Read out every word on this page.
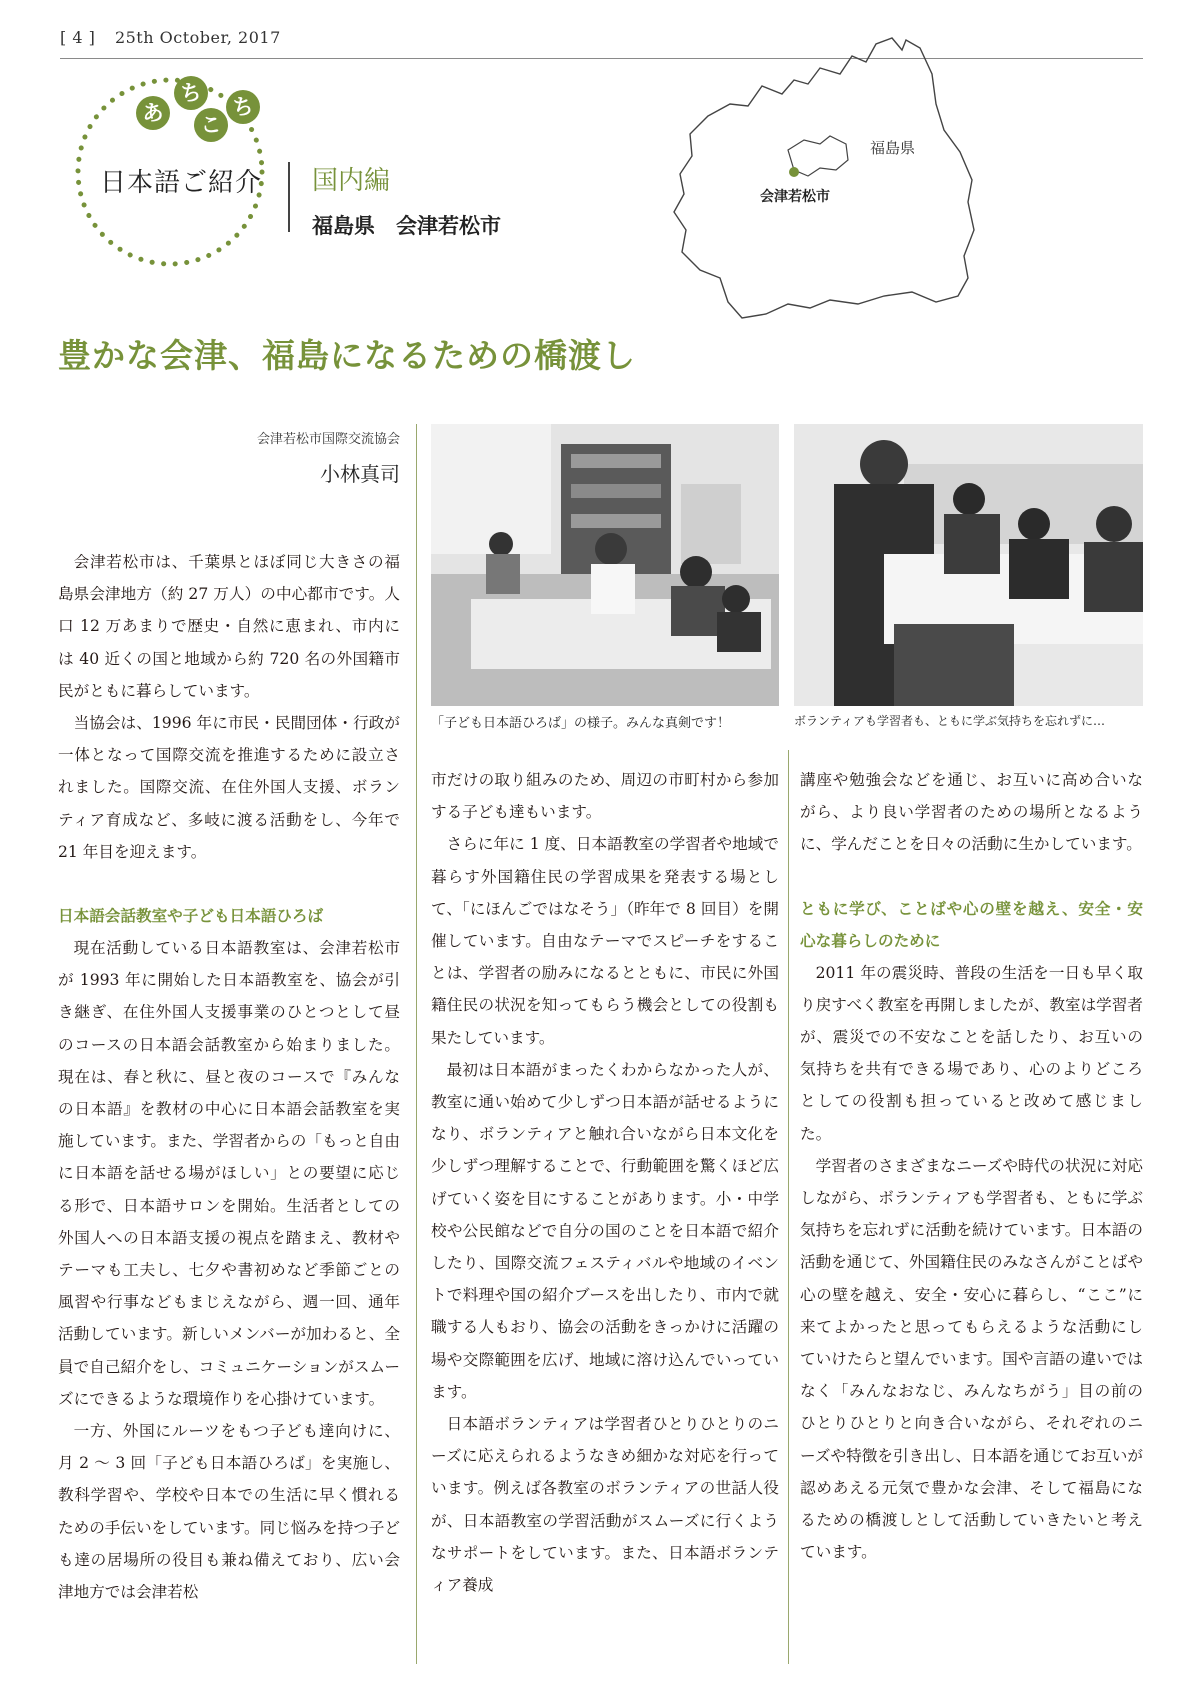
[ 4 ] 25th October, 2017
あ
ち
こ
ち
日本語ご紹介 国内編
福島県　会津若松市
福島県
会津若松市
豊かな会津、福島になるための橋渡し
会津若松市国際交流協会
小林真司
「子ども日本語ひろば」の様子。みんな真剣です！	ボランティアも学習者も、ともに学ぶ気持ちを忘れずに…

会津若松市は、千葉県とほぼ同じ大きさの福島県会津地方（約 27 万人）の中心都市です。人口 12 万あまりで歴史・自然に恵まれ、市内には 40 近くの国と地域から約 720 名の外国籍市民がともに暮らしています。

当協会は、1996 年に市民・民間団体・行政が一体となって国際交流を推進するために設立されました。国際交流、在住外国人支援、ボランティア育成など、多岐に渡る活動をし、今年で 21 年目を迎えます。

日本語会話教室や子ども日本語ひろば

現在活動している日本語教室は、会津若松市が 1993 年に開始した日本語教室を、協会が引き継ぎ、在住外国人支援事業のひとつとして昼のコースの日本語会話教室から始まりました。現在は、春と秋に、昼と夜のコースで『みんなの日本語』を教材の中心に日本語会話教室を実施しています。また、学習者からの「もっと自由に日本語を話せる場がほしい」との要望に応じる形で、日本語サロンを開始。生活者としての外国人への日本語支援の視点を踏まえ、教材やテーマも工夫し、七夕や書初めなど季節ごとの風習や行事などもまじえながら、週一回、通年活動しています。新しいメンバーが加わると、全員で自己紹介をし、コミュニケーションがスムーズにできるような環境作りを心掛けています。

一方、外国にルーツをもつ子ども達向けに、月 2 ～ 3 回「子ども日本語ひろば」を実施し、教科学習や、学校や日本での生活に早く慣れるための手伝いをしています。同じ悩みを持つ子ども達の居場所の役目も兼ね備えており、広い会津地方では会津若松

市だけの取り組みのため、周辺の市町村から参加する子ども達もいます。

さらに年に 1 度、日本語教室の学習者や地域で暮らす外国籍住民の学習成果を発表する場として、「にほんごではなそう」（昨年で 8 回目）を開催しています。自由なテーマでスピーチをすることは、学習者の励みになるとともに、市民に外国籍住民の状況を知ってもらう機会としての役割も果たしています。

最初は日本語がまったくわからなかった人が、教室に通い始めて少しずつ日本語が話せるようになり、ボランティアと触れ合いながら日本文化を少しずつ理解することで、行動範囲を驚くほど広げていく姿を目にすることがあります。小・中学校や公民館などで自分の国のことを日本語で紹介したり、国際交流フェスティバルや地域のイベントで料理や国の紹介ブースを出したり、市内で就職する人もおり、協会の活動をきっかけに活躍の場や交際範囲を広げ、地域に溶け込んでいっています。

日本語ボランティアは学習者ひとりひとりのニーズに応えられるようなきめ細かな対応を行っています。例えば各教室のボランティアの世話人役が、日本語教室の学習活動がスムーズに行くようなサポートをしています。また、日本語ボランティア養成

講座や勉強会などを通じ、お互いに高め合いながら、より良い学習者のための場所となるように、学んだことを日々の活動に生かしています。

ともに学び、ことばや心の壁を越え、安全・安心な暮らしのために

2011 年の震災時、普段の生活を一日も早く取り戻すべく教室を再開しましたが、教室は学習者が、震災での不安なことを話したり、お互いの気持ちを共有できる場であり、心のよりどころとしての役割も担っていると改めて感じました。

学習者のさまざまなニーズや時代の状況に対応しながら、ボランティアも学習者も、ともに学ぶ気持ちを忘れずに活動を続けています。日本語の活動を通じて、外国籍住民のみなさんがことばや心の壁を越え、安全・安心に暮らし、“ここ”に来てよかったと思ってもらえるような活動にしていけたらと望んでいます。国や言語の違いではなく「みんなおなじ、みんなちがう」目の前のひとりひとりと向き合いながら、それぞれのニーズや特徴を引き出し、日本語を通じてお互いが認めあえる元気で豊かな会津、そして福島になるための橋渡しとして活動していきたいと考えています。
